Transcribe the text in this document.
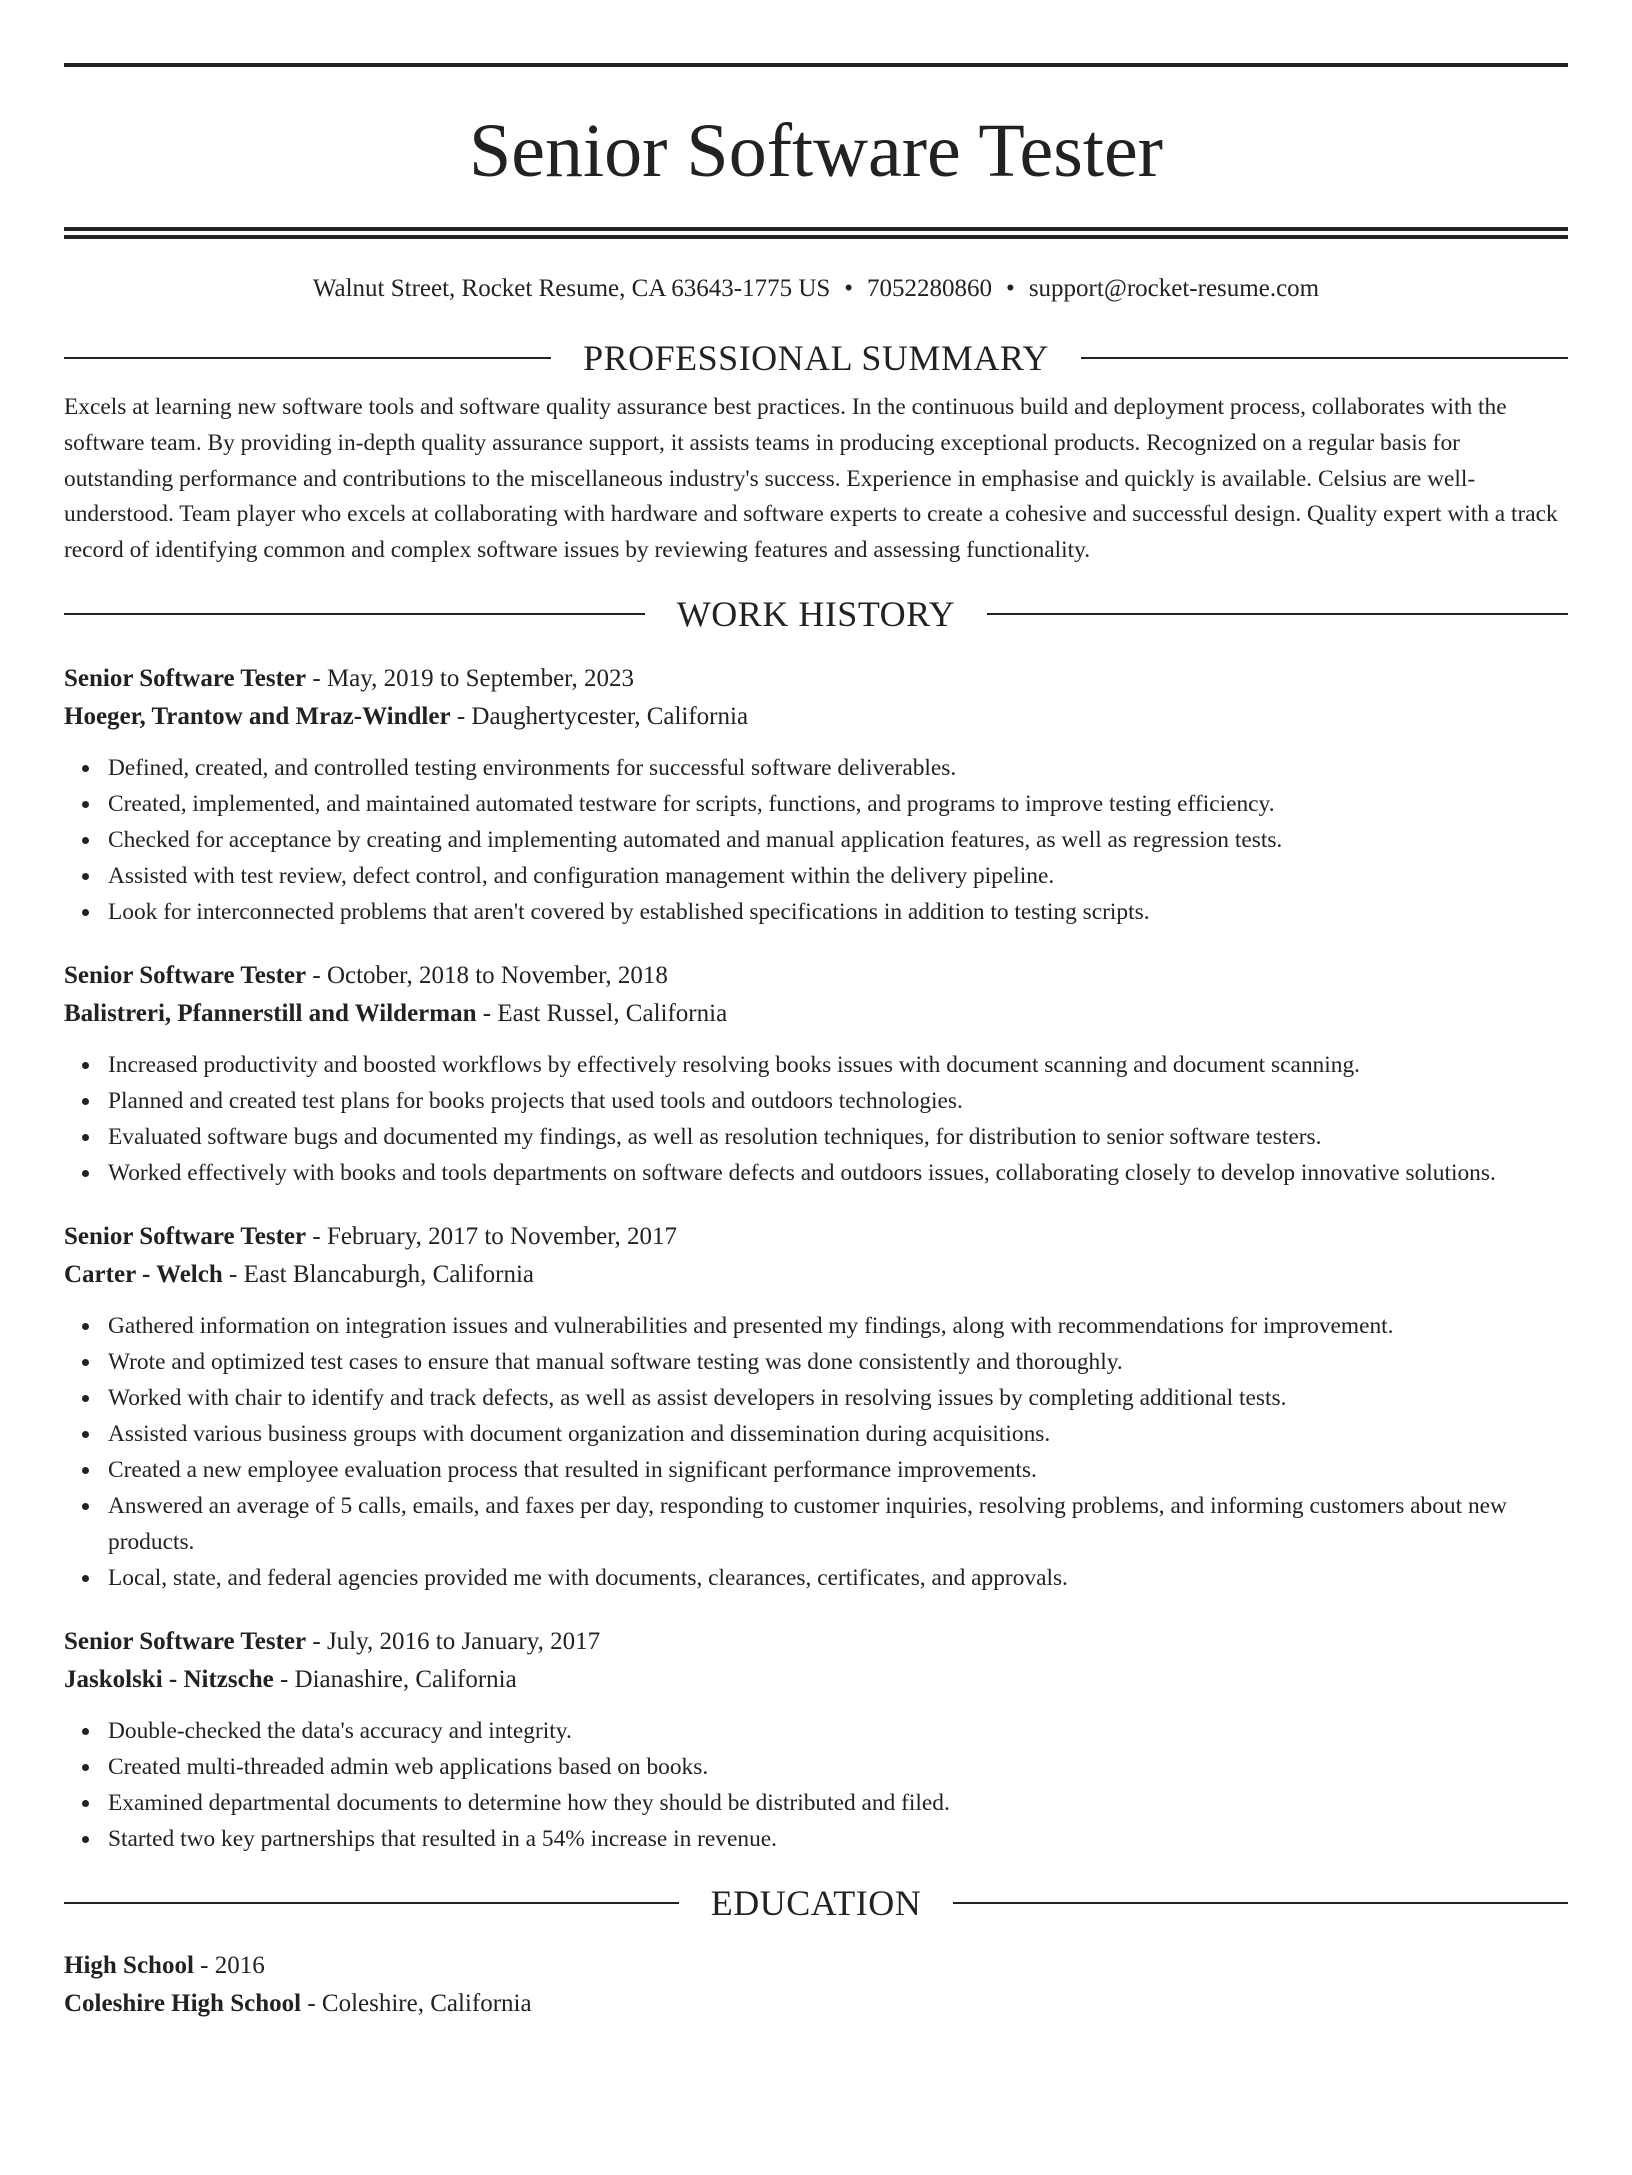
Senior Software Tester
Walnut Street, Rocket Resume, CA 63643-1775 US • 7052280860 • support@rocket-resume.com
PROFESSIONAL SUMMARY

Excels at learning new software tools and software quality assurance best practices. In the continuous build and deployment process, collaborates with the software team. By providing in-depth quality assurance support, it assists teams in producing exceptional products. Recognized on a regular basis for outstanding performance and contributions to the miscellaneous industry's success. Experience in emphasise and quickly is available. Celsius are well-understood. Team player who excels at collaborating with hardware and software experts to create a cohesive and successful design. Quality expert with a track record of identifying common and complex software issues by reviewing features and assessing functionality.

WORK HISTORY
Senior Software Tester - May, 2019 to September, 2023
Hoeger, Trantow and Mraz-Windler - Daughertycester, California
Defined, created, and controlled testing environments for successful software deliverables.
Created, implemented, and maintained automated testware for scripts, functions, and programs to improve testing efficiency.
Checked for acceptance by creating and implementing automated and manual application features, as well as regression tests.
Assisted with test review, defect control, and configuration management within the delivery pipeline.
Look for interconnected problems that aren't covered by established specifications in addition to testing scripts.
Senior Software Tester - October, 2018 to November, 2018
Balistreri, Pfannerstill and Wilderman - East Russel, California
Increased productivity and boosted workflows by effectively resolving books issues with document scanning and document scanning.
Planned and created test plans for books projects that used tools and outdoors technologies.
Evaluated software bugs and documented my findings, as well as resolution techniques, for distribution to senior software testers.
Worked effectively with books and tools departments on software defects and outdoors issues, collaborating closely to develop innovative solutions.
Senior Software Tester - February, 2017 to November, 2017
Carter - Welch - East Blancaburgh, California
Gathered information on integration issues and vulnerabilities and presented my findings, along with recommendations for improvement.
Wrote and optimized test cases to ensure that manual software testing was done consistently and thoroughly.
Worked with chair to identify and track defects, as well as assist developers in resolving issues by completing additional tests.
Assisted various business groups with document organization and dissemination during acquisitions.
Created a new employee evaluation process that resulted in significant performance improvements.
Answered an average of 5 calls, emails, and faxes per day, responding to customer inquiries, resolving problems, and informing customers about new products.
Local, state, and federal agencies provided me with documents, clearances, certificates, and approvals.
Senior Software Tester - July, 2016 to January, 2017
Jaskolski - Nitzsche - Dianashire, California
Double-checked the data's accuracy and integrity.
Created multi-threaded admin web applications based on books.
Examined departmental documents to determine how they should be distributed and filed.
Started two key partnerships that resulted in a 54% increase in revenue.
EDUCATION
High School - 2016
Coleshire High School - Coleshire, California
